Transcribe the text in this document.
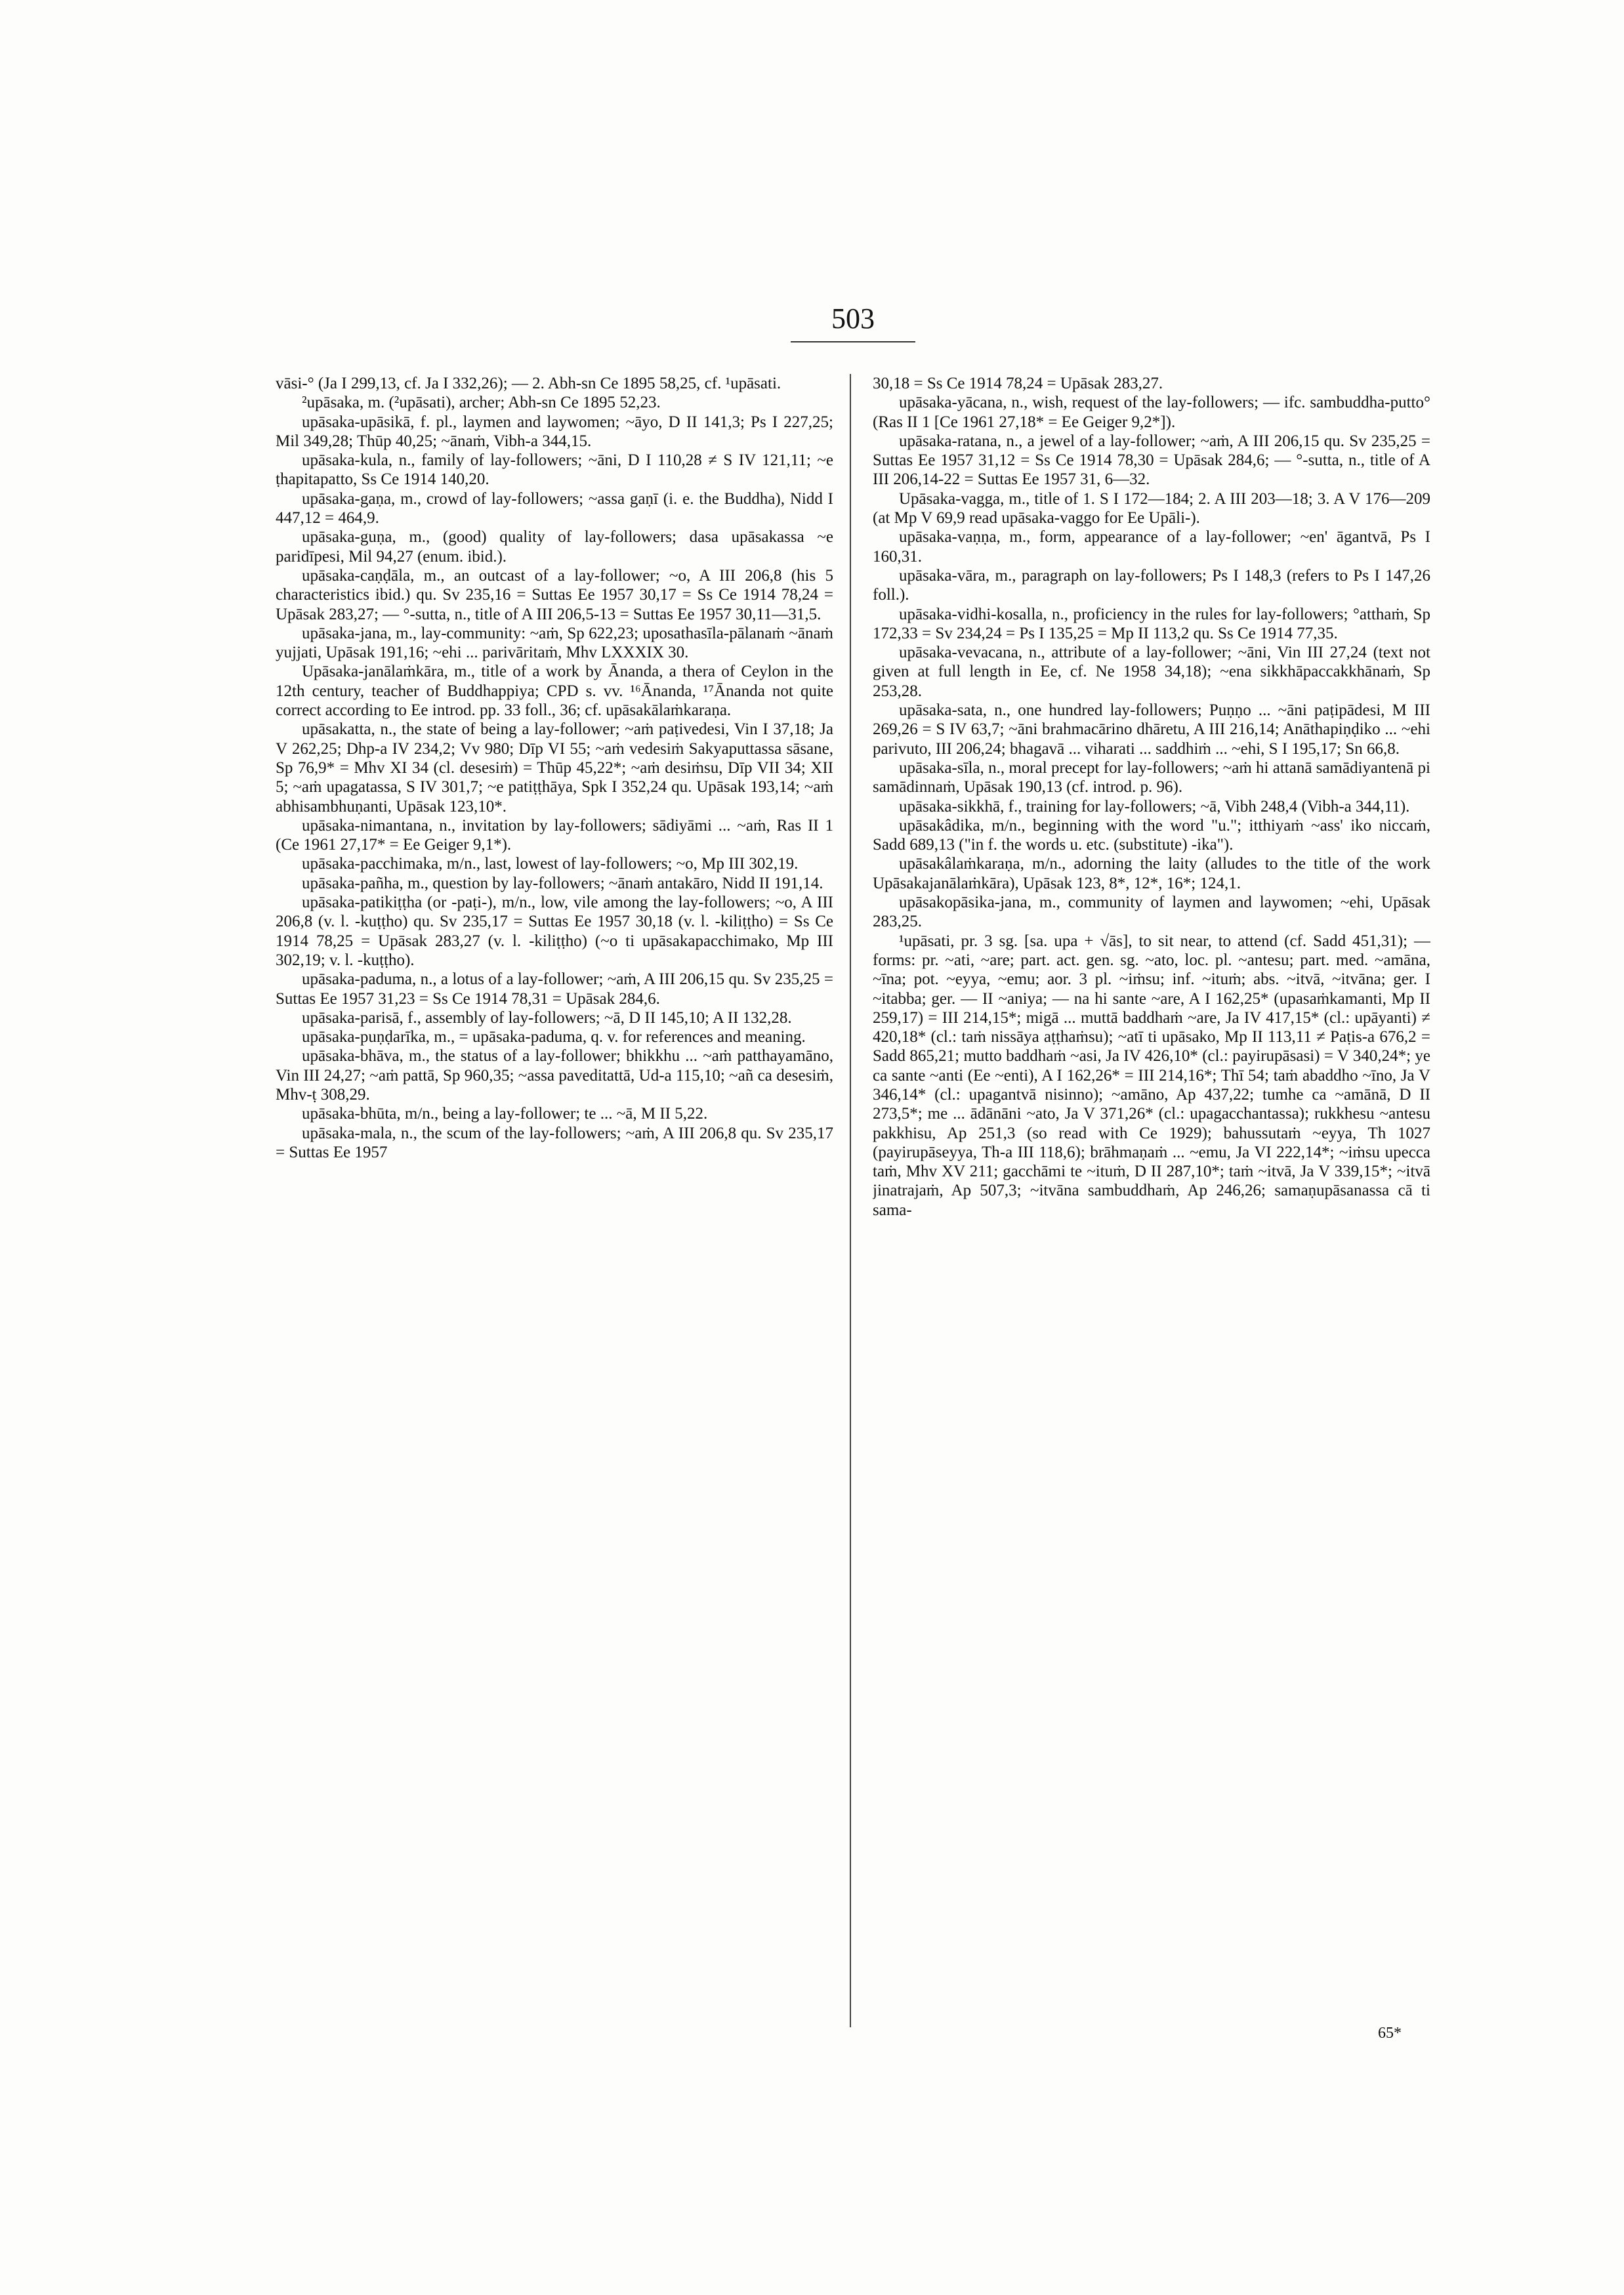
503

vāsi-° (Ja I 299,13, cf. Ja I 332,26); — 2. Abh-sn Ce 1895 58,25, cf. ¹upāsati.

²upāsaka, m. (²upāsati), archer; Abh-sn Ce 1895 52,23.

upāsaka-upāsikā, f. pl., laymen and laywomen; ~āyo, D II 141,3; Ps I 227,25; Mil 349,28; Thūp 40,25; ~ānaṁ, Vibh-a 344,15.

upāsaka-kula, n., family of lay-followers; ~āni, D I 110,28 ≠ S IV 121,11; ~e ṭhapitapatto, Ss Ce 1914 140,20.

upāsaka-gaṇa, m., crowd of lay-followers; ~assa gaṇī (i. e. the Buddha), Nidd I 447,12 = 464,9.

upāsaka-guṇa, m., (good) quality of lay-followers; dasa upāsakassa ~e paridīpesi, Mil 94,27 (enum. ibid.).

upāsaka-caṇḍāla, m., an outcast of a lay-follower; ~o, A III 206,8 (his 5 characteristics ibid.) qu. Sv 235,16 = Suttas Ee 1957 30,17 = Ss Ce 1914 78,24 = Upāsak 283,27; — °-sutta, n., title of A III 206,5-13 = Suttas Ee 1957 30,11—31,5.

upāsaka-jana, m., lay-community: ~aṁ, Sp 622,23; uposathasīla-pālanaṁ ~ānaṁ yujjati, Upāsak 191,16; ~ehi ... parivāritaṁ, Mhv LXXXIX 30.

Upāsaka-janālaṁkāra, m., title of a work by Ānanda, a thera of Ceylon in the 12th century, teacher of Buddhappiya; CPD s. vv. ¹⁶Ānanda, ¹⁷Ānanda not quite correct according to Ee introd. pp. 33 foll., 36; cf. upāsakālaṁkaraṇa.

upāsakatta, n., the state of being a lay-follower; ~aṁ paṭivedesi, Vin I 37,18; Ja V 262,25; Dhp-a IV 234,2; Vv 980; Dīp VI 55; ~aṁ vedesiṁ Sakyaputtassa sāsane, Sp 76,9* = Mhv XI 34 (cl. desesiṁ) = Thūp 45,22*; ~aṁ desiṁsu, Dīp VII 34; XII 5; ~aṁ upagatassa, S IV 301,7; ~e patiṭṭhāya, Spk I 352,24 qu. Upāsak 193,14; ~aṁ abhisambhuṇanti, Upāsak 123,10*.

upāsaka-nimantana, n., invitation by lay-followers; sādiyāmi ... ~aṁ, Ras II 1 (Ce 1961 27,17* = Ee Geiger 9,1*).

upāsaka-pacchimaka, m/n., last, lowest of lay-followers; ~o, Mp III 302,19.

upāsaka-pañha, m., question by lay-followers; ~ānaṁ antakāro, Nidd II 191,14.

upāsaka-patikiṭṭha (or -paṭi-), m/n., low, vile among the lay-followers; ~o, A III 206,8 (v. l. -kuṭṭho) qu. Sv 235,17 = Suttas Ee 1957 30,18 (v. l. -kiliṭṭho) = Ss Ce 1914 78,25 = Upāsak 283,27 (v. l. -kiliṭṭho) (~o ti upāsakapacchimako, Mp III 302,19; v. l. -kuṭṭho).

upāsaka-paduma, n., a lotus of a lay-follower; ~aṁ, A III 206,15 qu. Sv 235,25 = Suttas Ee 1957 31,23 = Ss Ce 1914 78,31 = Upāsak 284,6.

upāsaka-parisā, f., assembly of lay-followers; ~ā, D II 145,10; A II 132,28.

upāsaka-puṇḍarīka, m., = upāsaka-paduma, q. v. for references and meaning.

upāsaka-bhāva, m., the status of a lay-follower; bhikkhu ... ~aṁ patthayamāno, Vin III 24,27; ~aṁ pattā, Sp 960,35; ~assa paveditattā, Ud-a 115,10; ~añ ca desesiṁ, Mhv-ṭ 308,29.

upāsaka-bhūta, m/n., being a lay-follower; te ... ~ā, M II 5,22.

upāsaka-mala, n., the scum of the lay-followers; ~aṁ, A III 206,8 qu. Sv 235,17 = Suttas Ee 1957

30,18 = Ss Ce 1914 78,24 = Upāsak 283,27.

upāsaka-yācana, n., wish, request of the lay-followers; — ifc. sambuddha-putto° (Ras II 1 [Ce 1961 27,18* = Ee Geiger 9,2*]).

upāsaka-ratana, n., a jewel of a lay-follower; ~aṁ, A III 206,15 qu. Sv 235,25 = Suttas Ee 1957 31,12 = Ss Ce 1914 78,30 = Upāsak 284,6; — °-sutta, n., title of A III 206,14-22 = Suttas Ee 1957 31, 6—32.

Upāsaka-vagga, m., title of 1. S I 172—184; 2. A III 203—18; 3. A V 176—209 (at Mp V 69,9 read upāsaka-vaggo for Ee Upāli-).

upāsaka-vaṇṇa, m., form, appearance of a lay-follower; ~en' āgantvā, Ps I 160,31.

upāsaka-vāra, m., paragraph on lay-followers; Ps I 148,3 (refers to Ps I 147,26 foll.).

upāsaka-vidhi-kosalla, n., proficiency in the rules for lay-followers; °atthaṁ, Sp 172,33 = Sv 234,24 = Ps I 135,25 = Mp II 113,2 qu. Ss Ce 1914 77,35.

upāsaka-vevacana, n., attribute of a lay-follower; ~āni, Vin III 27,24 (text not given at full length in Ee, cf. Ne 1958 34,18); ~ena sikkhāpaccakkhānaṁ, Sp 253,28.

upāsaka-sata, n., one hundred lay-followers; Puṇṇo ... ~āni paṭipādesi, M III 269,26 = S IV 63,7; ~āni brahmacārino dhāretu, A III 216,14; Anāthapiṇḍiko ... ~ehi parivuto, III 206,24; bhagavā ... viharati ... saddhiṁ ... ~ehi, S I 195,17; Sn 66,8.

upāsaka-sīla, n., moral precept for lay-followers; ~aṁ hi attanā samādiyantenā pi samādinnaṁ, Upāsak 190,13 (cf. introd. p. 96).

upāsaka-sikkhā, f., training for lay-followers; ~ā, Vibh 248,4 (Vibh-a 344,11).

upāsakâdika, m/n., beginning with the word "u."; itthiyaṁ ~ass' iko niccaṁ, Sadd 689,13 ("in f. the words u. etc. (substitute) -ika").

upāsakâlaṁkaraṇa, m/n., adorning the laity (alludes to the title of the work Upāsakajanālaṁkāra), Upāsak 123, 8*, 12*, 16*; 124,1.

upāsakopāsika-jana, m., community of laymen and laywomen; ~ehi, Upāsak 283,25.

¹upāsati, pr. 3 sg. [sa. upa + √ās], to sit near, to attend (cf. Sadd 451,31); — forms: pr. ~ati, ~are; part. act. gen. sg. ~ato, loc. pl. ~antesu; part. med. ~amāna, ~īna; pot. ~eyya, ~emu; aor. 3 pl. ~iṁsu; inf. ~ituṁ; abs. ~itvā, ~itvāna; ger. I ~itabba; ger. — II ~aniya; — na hi sante ~are, A I 162,25* (upasaṁkamanti, Mp II 259,17) = III 214,15*; migā ... muttā baddhaṁ ~are, Ja IV 417,15* (cl.: upāyanti) ≠ 420,18* (cl.: taṁ nissāya aṭṭhaṁsu); ~atī ti upāsako, Mp II 113,11 ≠ Paṭis-a 676,2 = Sadd 865,21; mutto baddhaṁ ~asi, Ja IV 426,10* (cl.: payirupāsasi) = V 340,24*; ye ca sante ~anti (Ee ~enti), A I 162,26* = III 214,16*; Thī 54; taṁ abaddho ~īno, Ja V 346,14* (cl.: upagantvā nisinno); ~amāno, Ap 437,22; tumhe ca ~amānā, D II 273,5*; me ... ādānāni ~ato, Ja V 371,26* (cl.: upagacchantassa); rukkhesu ~antesu pakkhisu, Ap 251,3 (so read with Ce 1929); bahussutaṁ ~eyya, Th 1027 (payirupāseyya, Th-a III 118,6); brāhmaṇaṁ ... ~emu, Ja VI 222,14*; ~iṁsu upecca taṁ, Mhv XV 211; gacchāmi te ~ituṁ, D II 287,10*; taṁ ~itvā, Ja V 339,15*; ~itvā jinatrajaṁ, Ap 507,3; ~itvāna sambuddhaṁ, Ap 246,26; samaṇupāsanassa cā ti sama-

65*
